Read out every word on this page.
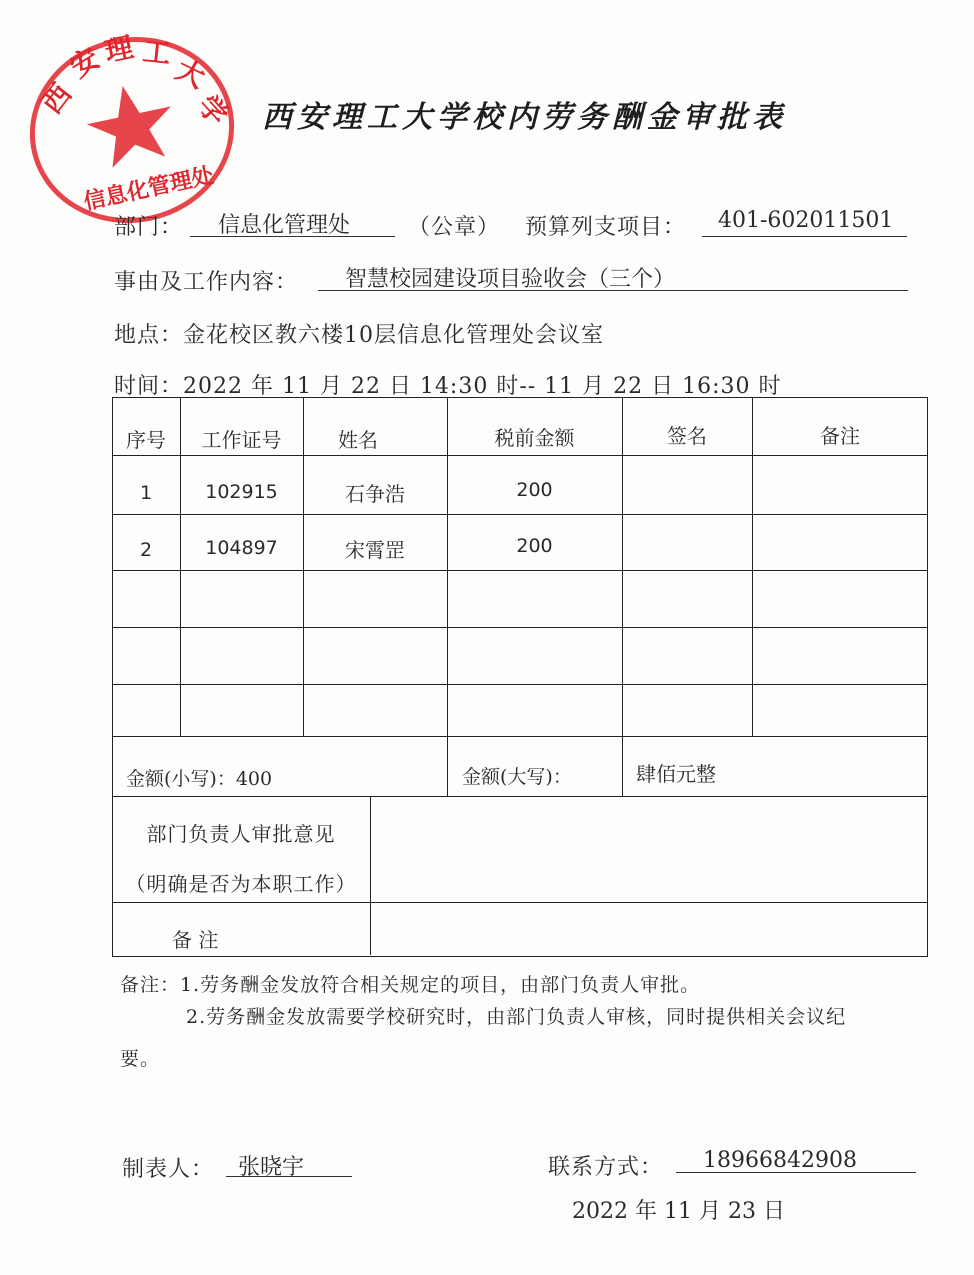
西
安
理 工
大
学
信息化管理处
西安理工大学校内劳务酬金审批表
部门： 信息化管理处	（公章） 预算列支项目： 401-602011501
事由及工作内容： 智慧校园建设项目验收会（三个）
地点：金花校区教六楼10层信息化管理处会议室
时间：2022 年 11 月 22 日 14:30 时-- 11 月 22 日 16:30 时
序号	工作证号	姓名	税前金额	签名	备注
1	102915	石争浩	200
2	104897	宋霄罡	200
金额(小写)：400	金额(大写)：	肆佰元整
部门负责人审批意见
（明确是否为本职工作）
备 注
备注：1.劳务酬金发放符合相关规定的项目，由部门负责人审批。
2.劳务酬金发放需要学校研究时，由部门负责人审核，同时提供相关会议纪
要。
制表人： 张晓宇	联系方式： 18966842908
2022 年 11 月 23 日
